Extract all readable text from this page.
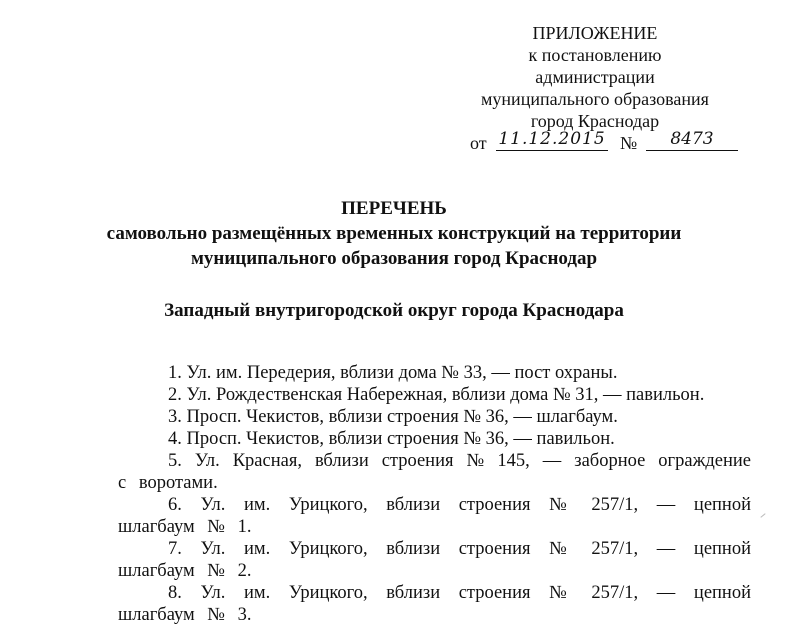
ПРИЛОЖЕНИЕ
к постановлению администрации
муниципального образования
город Краснодар
от 11.12.2015 №	8473
ПЕРЕЧЕНЬ
самовольно размещённых временных конструкций на территории
муниципального образования город Краснодар
Западный внутригородской округ города Краснодара
1. Ул. им. Передерия, вблизи дома № 33, — пост охраны.
2. Ул. Рождественская Набережная, вблизи дома № 31, — павильон.
3. Просп. Чекистов, вблизи строения № 36, — шлагбаум.
4. Просп. Чекистов, вблизи строения № 36, — павильон.
5. Ул. Красная, вблизи строения № 145, — заборное ограждение с воротами.
6. Ул. им. Урицкого, вблизи строения № 257/1, — цепной шлагбаум № 1.
7. Ул. им. Урицкого, вблизи строения № 257/1, — цепной шлагбаум № 2.
8. Ул. им. Урицкого, вблизи строения № 257/1, — цепной шлагбаум № 3.
